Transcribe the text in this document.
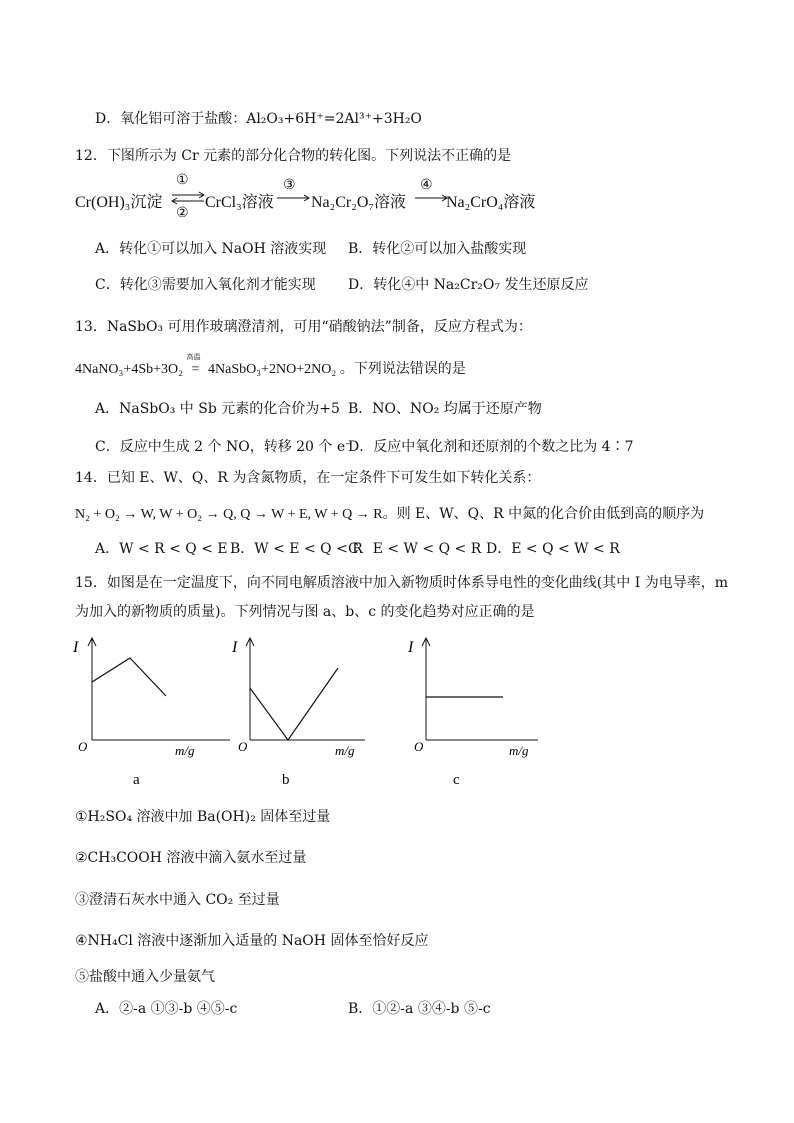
D．氧化铝可溶于盐酸：Al₂O₃+6H⁺=2Al³⁺+3H₂O
12．下图所示为 Cr 元素的部分化合物的转化图。下列说法不正确的是
Cr(OH)₃沉淀
①
②
⇌ CrCl₃溶液
③
Na₂Cr₂O₇溶液
④
Na₂CrO₄溶液
A．转化①可以加入 NaOH 溶液实现 B．转化②可以加入盐酸实现
C．转化③需要加入氧化剂才能实现 D．转化④中 Na₂Cr₂O₇ 发生还原反应
13．NaSbO₃ 可用作玻璃澄清剂，可用“硝酸钠法”制备，反应方程式为：
4NaNO₃+4Sb+3O₂
高温
= 4NaSbO₃+2NO+2NO₂ 。下列说法错误的是
A．NaSbO₃ 中 Sb 元素的化合价为+5 B．NO、NO₂ 均属于还原产物
C．反应中生成 2 个 NO，转移 20 个 e⁻
D．反应中氧化剂和还原剂的个数之比为 4∶7
14．已知 E、W、Q、R 为含氮物质，在一定条件下可发生如下转化关系：
N₂ + O₂ → W, W + O₂ → Q, Q → W + E, W + Q → R。则 E、W、Q、R 中氮的化合价由低到高的顺序为
A．W < R < Q < E B．W < E < Q < R
C．E < W < Q < R D．E < Q < W < R
15．如图是在一定温度下，向不同电解质溶液中加入新物质时体系导电性的变化曲线(其中 I 为电导率，m
为加入的新物质的质量)。下列情况与图 a、b、c 的变化趋势对应正确的是
I
O	m/g
a
I
O	m/g
b
I
O	m/g
c
①H₂SO₄ 溶液中加 Ba(OH)₂ 固体至过量
②CH₃COOH 溶液中滴入氨水至过量
③澄清石灰水中通入 CO₂ 至过量
④NH₄Cl 溶液中逐渐加入适量的 NaOH 固体至恰好反应
⑤盐酸中通入少量氨气
A．②-a ①③-b ④⑤-c	B．①②-a ③④-b ⑤-c
